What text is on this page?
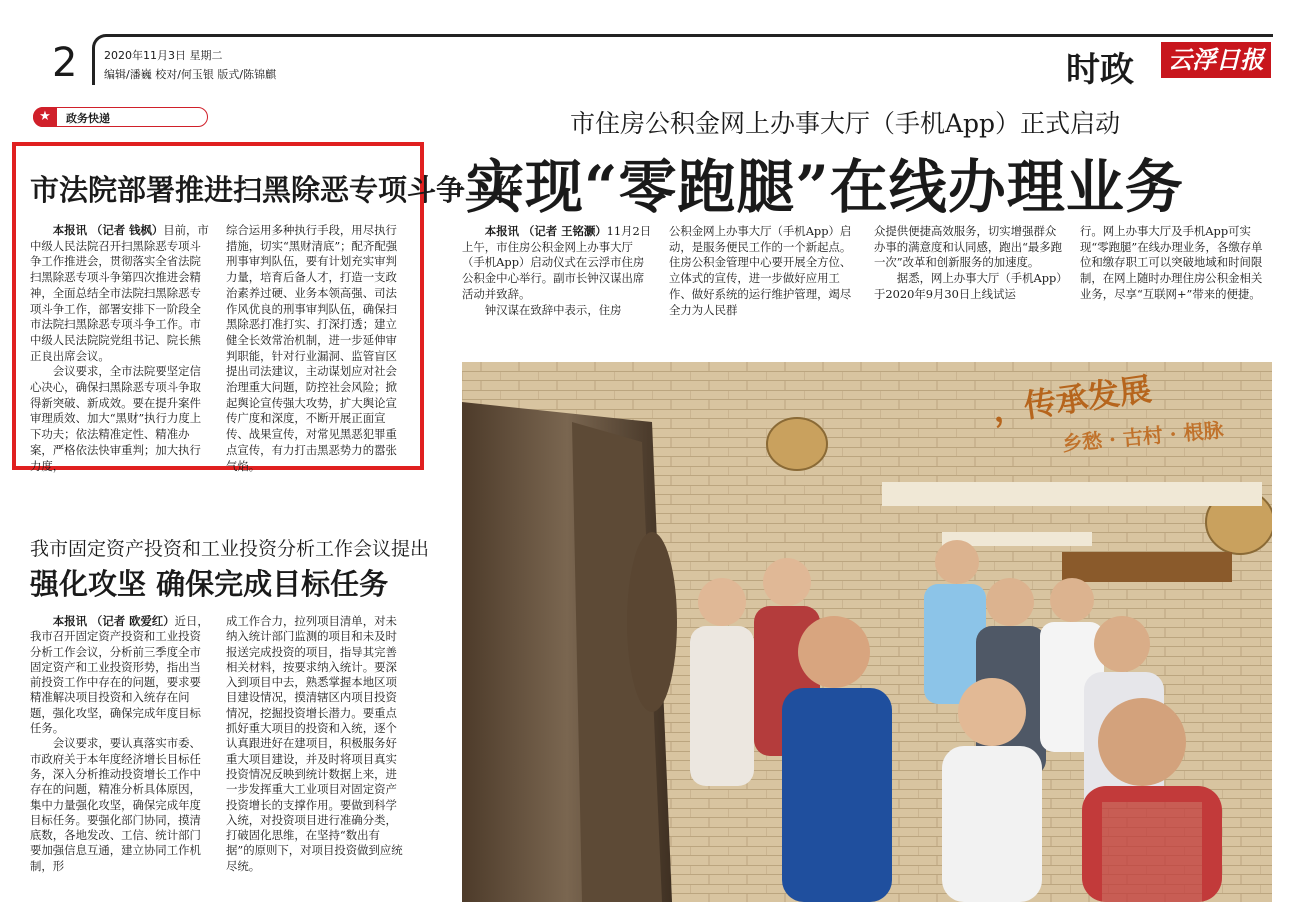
2 2020年11月3日 星期二
编辑/潘巍 校对/何玉银 版式/陈锦麒	时政 云浮日报
★	政务快递
市法院部署推进扫黑除恶专项斗争工作

本报讯 （记者 钱枫）目前，市中级人民法院召开扫黑除恶专项斗争工作推进会，贯彻落实全省法院扫黑除恶专项斗争第四次推进会精神，全面总结全市法院扫黑除恶专项斗争工作，部署安排下一阶段全市法院扫黑除恶专项斗争工作。市中级人民法院院党组书记、院长熊正良出席会议。

会议要求，全市法院要坚定信心决心，确保扫黑除恶专项斗争取得新突破、新成效。要在提升案件审理质效、加大“黑财”执行力度上下功夫；依法精准定性、精准办案，严格依法快审重判；加大执行力度，

综合运用多种执行手段，用尽执行措施，切实“黑财清底”；配齐配强刑事审判队伍，要有计划充实审判力量，培育后备人才，打造一支政治素养过硬、业务本领高强、司法作风优良的刑事审判队伍，确保扫黑除恶打准打实、打深打透；建立健全长效常治机制，进一步延伸审判职能，针对行业漏洞、监管盲区提出司法建议，主动谋划应对社会治理重大问题，防控社会风险；掀起舆论宣传强大攻势，扩大舆论宣传广度和深度，不断开展正面宣传、战果宣传，对常见黑恶犯罪重点宣传，有力打击黑恶势力的嚣张气焰。

我市固定资产投资和工业投资分析工作会议提出
强化攻坚 确保完成目标任务

本报讯 （记者 欧爱红）近日，我市召开固定资产投资和工业投资分析工作会议，分析前三季度全市固定资产和工业投资形势，指出当前投资工作中存在的问题，要求要精准解决项目投资和入统存在问题，强化攻坚，确保完成年度目标任务。

会议要求，要认真落实市委、市政府关于本年度经济增长目标任务，深入分析推动投资增长工作中存在的问题，精准分析具体原因，集中力量强化攻坚，确保完成年度目标任务。要强化部门协同，摸清底数，各地发改、工信、统计部门要加强信息互通，建立协同工作机制，形

成工作合力，拉列项目清单，对未纳入统计部门监测的项目和未及时报送完成投资的项目，指导其完善相关材料，按要求纳入统计。要深入到项目中去，熟悉掌握本地区项目建设情况，摸清辖区内项目投资情况，挖掘投资增长潜力。要重点抓好重大项目的投资和入统，逐个认真跟进好在建项目，积极服务好重大项目建设，并及时将项目真实投资情况反映到统计数据上来，进一步发挥重大工业项目对固定资产投资增长的支撑作用。要做到科学入统，对投资项目进行准确分类，打破固化思维，在坚持“数出有据”的原则下，对项目投资做到应统尽统。

市住房公积金网上办事大厅（手机App）正式启动
实现“零跑腿”在线办理业务

本报讯 （记者 王铭灏）11月2日上午，市住房公积金网上办事大厅（手机App）启动仪式在云浮市住房公积金中心举行。副市长钟汉谋出席活动并致辞。

钟汉谋在致辞中表示，住房

公积金网上办事大厅（手机App）启动，是服务便民工作的一个新起点。住房公积金管理中心要开展全方位、立体式的宣传，进一步做好应用工作、做好系统的运行维护管理，竭尽全力为人民群

众提供便捷高效服务，切实增强群众办事的满意度和认同感，跑出“最多跑一次”改革和创新服务的加速度。

据悉，网上办事大厅（手机App）于2020年9月30日上线试运

行。网上办事大厅及手机App可实现“零跑腿”在线办理业务，各缴存单位和缴存职工可以突破地域和时间限制，在网上随时办理住房公积金相关业务，尽享“互联网+”带来的便捷。

，传承发展
乡愁 · 古村 · 根脉
